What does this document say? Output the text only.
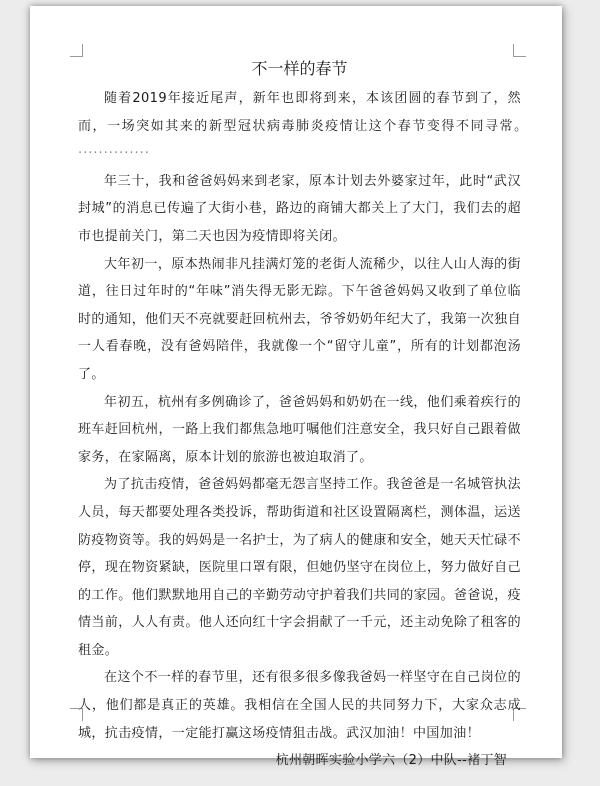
不一样的春节

随着2019年接近尾声，新年也即将到来，本该团圆的春节到了，然而，一场突如其来的新型冠状病毒肺炎疫情让这个春节变得不同寻常。··············

年三十，我和爸爸妈妈来到老家，原本计划去外婆家过年，此时“武汉封城”的消息已传遍了大街小巷，路边的商铺大都关上了大门，我们去的超市也提前关门，第二天也因为疫情即将关闭。

大年初一，原本热闹非凡挂满灯笼的老街人流稀少，以往人山人海的街道，往日过年时的“年味”消失得无影无踪。下午爸爸妈妈又收到了单位临时的通知，他们天不亮就要赶回杭州去，爷爷奶奶年纪大了，我第一次独自一人看春晚，没有爸妈陪伴，我就像一个“留守儿童”，所有的计划都泡汤了。

年初五，杭州有多例确诊了，爸爸妈妈和奶奶在一线，他们乘着疾行的班车赶回杭州，一路上我们都焦急地叮嘱他们注意安全，我只好自己跟着做家务，在家隔离，原本计划的旅游也被迫取消了。

为了抗击疫情，爸爸妈妈都毫无怨言坚持工作。我爸爸是一名城管执法人员，每天都要处理各类投诉，帮助街道和社区设置隔离栏，测体温，运送防疫物资等。我的妈妈是一名护士，为了病人的健康和安全，她天天忙碌不停，现在物资紧缺，医院里口罩有限，但她仍坚守在岗位上，努力做好自己的工作。他们默默地用自己的辛勤劳动守护着我们共同的家园。爸爸说，疫情当前，人人有责。他人还向红十字会捐献了一千元，还主动免除了租客的租金。

在这个不一样的春节里，还有很多很多像我爸妈一样坚守在自己岗位的人，他们都是真正的英雄。我相信在全国人民的共同努力下，大家众志成城，抗击疫情，一定能打赢这场疫情狙击战。武汉加油！中国加油！

杭州朝晖实验小学六（2）中队--褚丁智
